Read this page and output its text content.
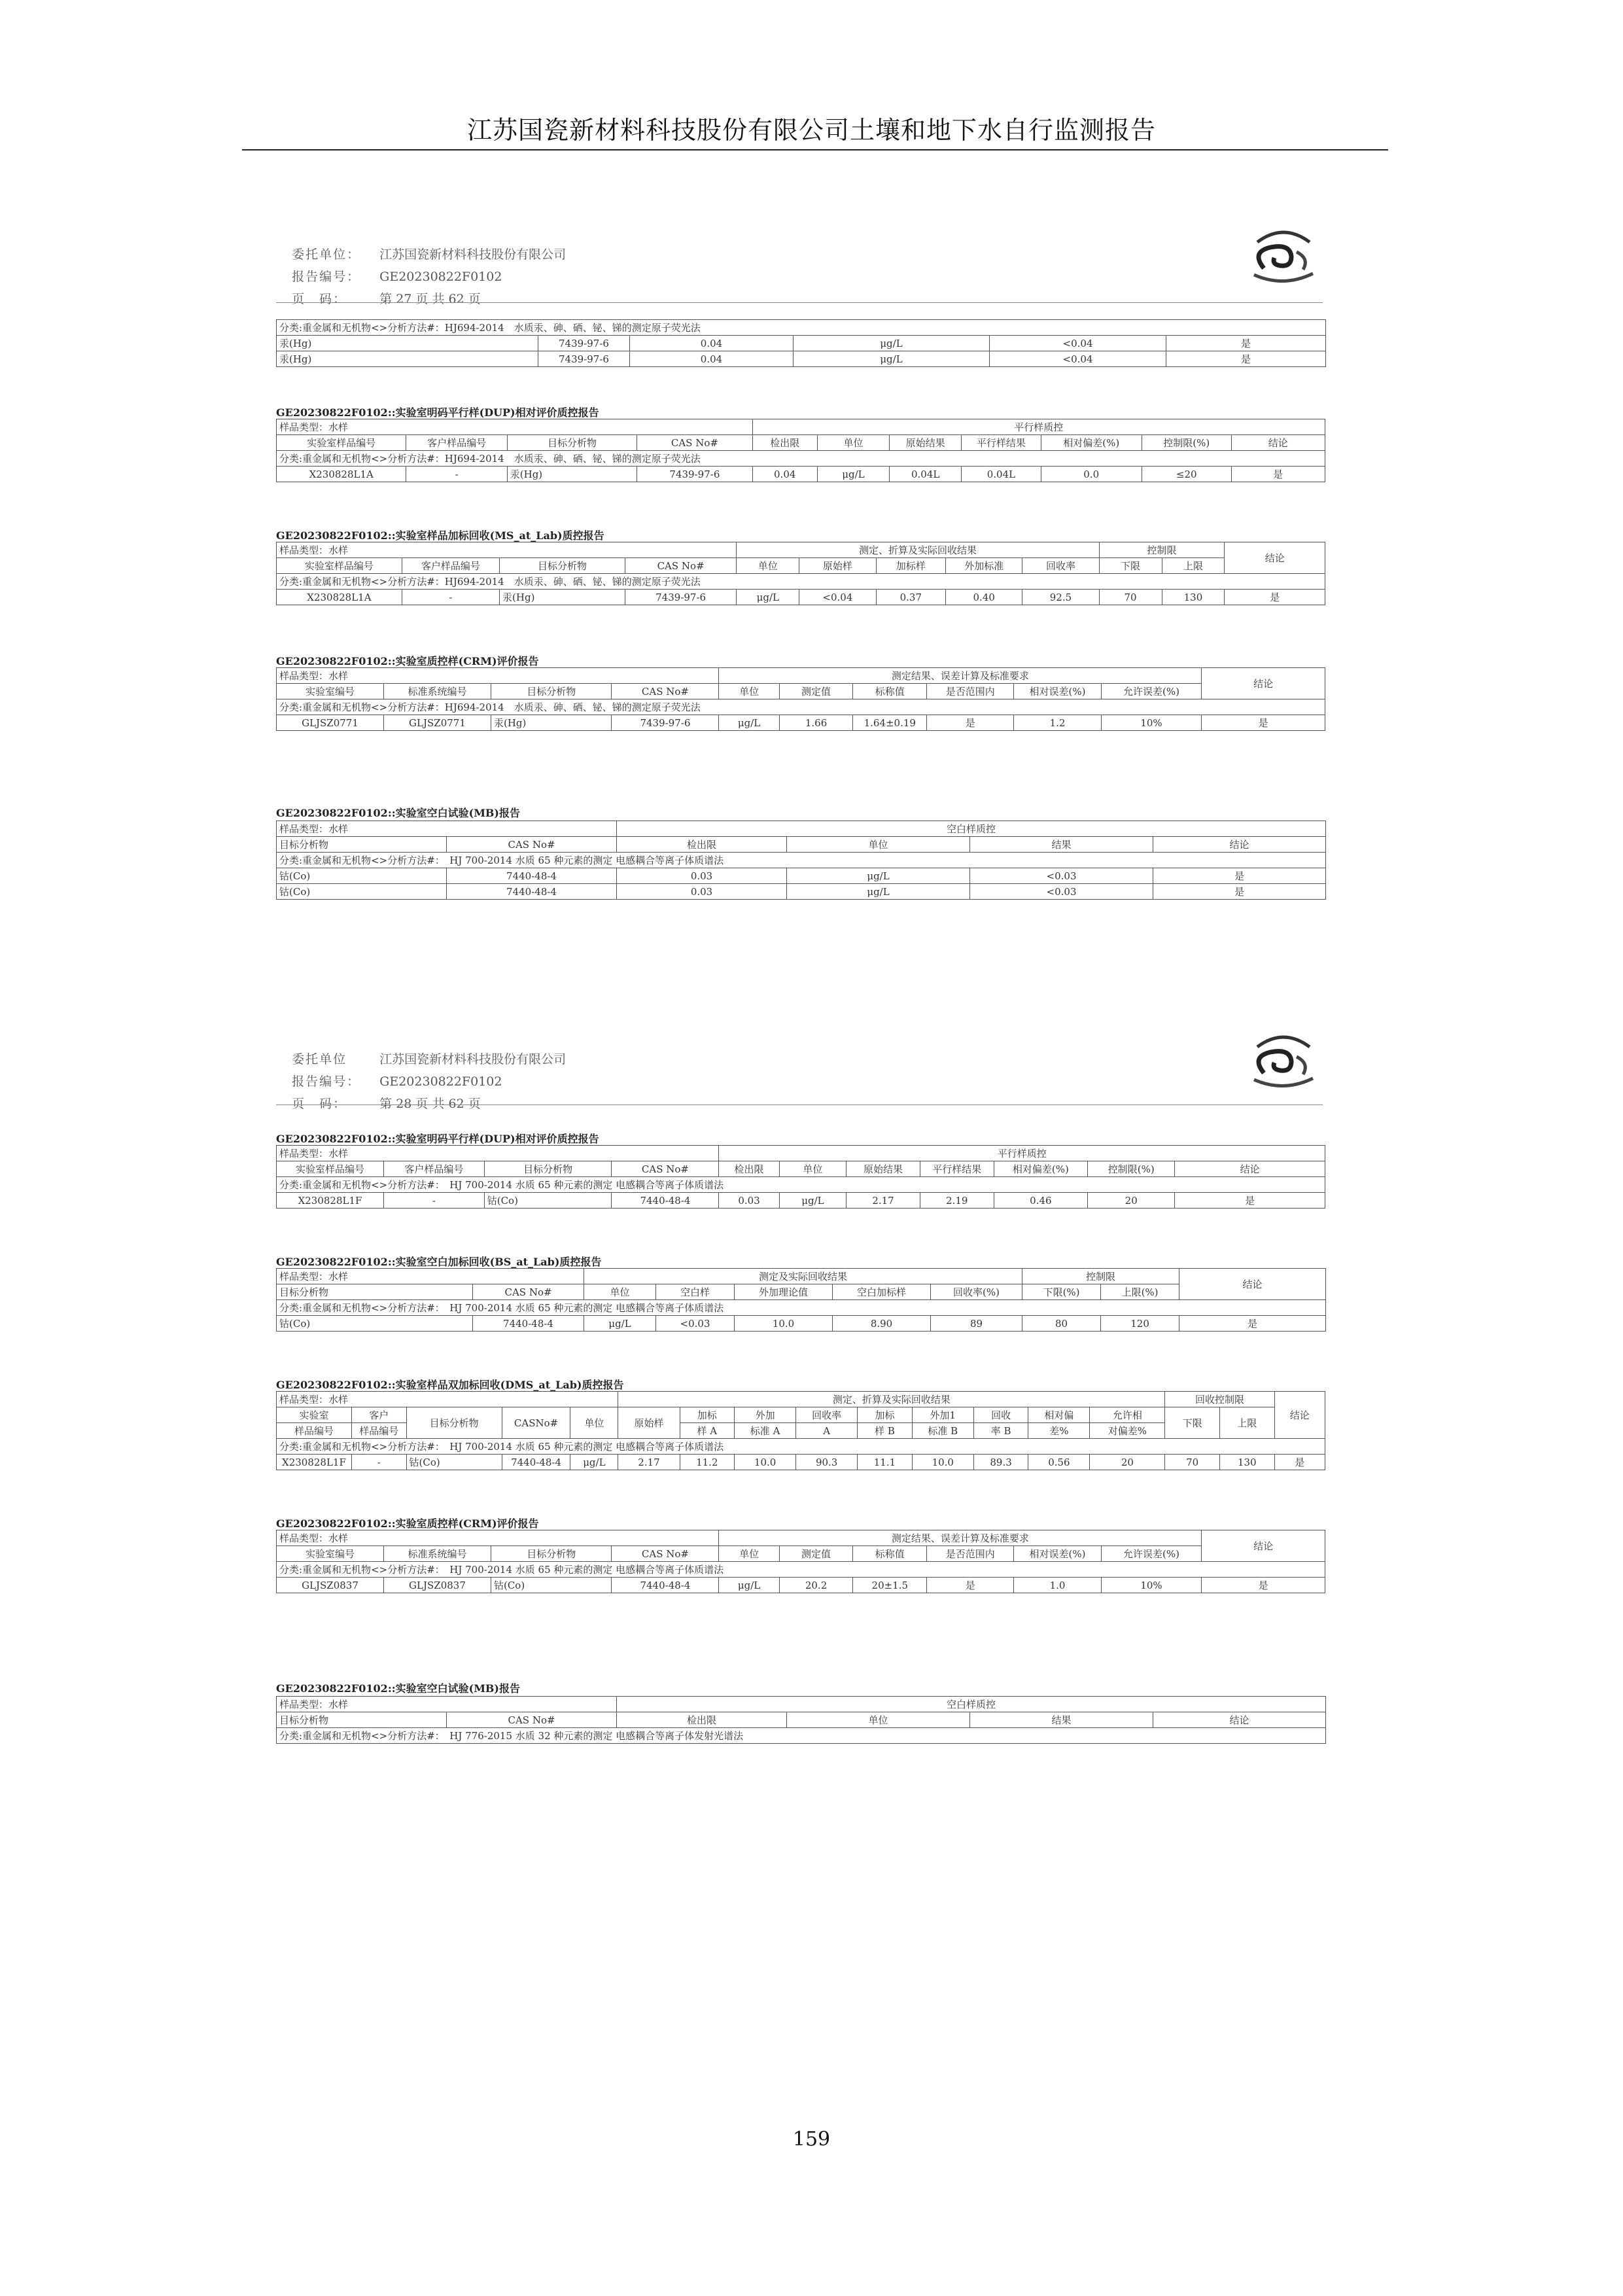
江苏国瓷新材料科技股份有限公司土壤和地下水自行监测报告

委托单位： 江苏国瓷新材料科技股份有限公司

报告编号： GE20230822F0102

页　码：	第 27 页 共 62 页

分类:重金属和无机物<>分析方法#：HJ694-2014　水质汞、砷、硒、铋、锑的测定原子荧光法					
汞(Hg)	7439-97-6	0.04	μg/L	<0.04	是
汞(Hg)	7439-97-6	0.04	μg/L	<0.04	是
GE20230822F0102::实验室明码平行样(DUP)相对评价质控报告
样品类型：水样				平行样质控						
实验室样品编号	客户样品编号	目标分析物	CAS No#	检出限	单位	原始结果	平行样结果	相对偏差(%)	控制限(%)	结论
分类:重金属和无机物<>分析方法#：HJ694-2014　水质汞、砷、硒、铋、锑的测定原子荧光法										
X230828L1A	-	汞(Hg)	7439-97-6	0.04	μg/L	0.04L	0.04L	0.0	≤20	是
GE20230822F0102::实验室样品加标回收(MS_at_Lab)质控报告
样品类型：水样				测定、折算及实际回收结果					控制限		结论
实验室样品编号	客户样品编号	目标分析物	CAS No#	单位	原始样	加标样	外加标准	回收率	下限	上限	
分类:重金属和无机物<>分析方法#：HJ694-2014　水质汞、砷、硒、铋、锑的测定原子荧光法											
X230828L1A	-	汞(Hg)	7439-97-6	μg/L	<0.04	0.37	0.40	92.5	70	130	是
GE20230822F0102::实验室质控样(CRM)评价报告
样品类型：水样				测定结果、误差计算及标准要求						结论
实验室编号	标准系统编号	目标分析物	CAS No#	单位	测定值	标称值	是否范围内	相对误差(%)	允许误差(%)	
分类:重金属和无机物<>分析方法#：HJ694-2014　水质汞、砷、硒、铋、锑的测定原子荧光法										
GLJSZ0771	GLJSZ0771	汞(Hg)	7439-97-6	μg/L	1.66	1.64±0.19	是	1.2	10%	是
GE20230822F0102::实验室空白试验(MB)报告
样品类型：水样		空白样质控			
目标分析物	CAS No#	检出限	单位	结果	结论
分类:重金属和无机物<>分析方法#：　HJ 700-2014 水质 65 种元素的测定 电感耦合等离子体质谱法					
钴(Co)	7440-48-4	0.03	μg/L	<0.03	是
钴(Co)	7440-48-4	0.03	μg/L	<0.03	是

委托单位	江苏国瓷新材料科技股份有限公司

报告编号： GE20230822F0102

页　码：	第 28 页 共 62 页

GE20230822F0102::实验室明码平行样(DUP)相对评价质控报告
样品类型：水样				平行样质控						
实验室样品编号	客户样品编号	目标分析物	CAS No#	检出限	单位	原始结果	平行样结果	相对偏差(%)	控制限(%)	结论
分类:重金属和无机物<>分析方法#：　HJ 700-2014 水质 65 种元素的测定 电感耦合等离子体质谱法										
X230828L1F	-	钴(Co)	7440-48-4	0.03	μg/L	2.17	2.19	0.46	20	是
GE20230822F0102::实验室空白加标回收(BS_at_Lab)质控报告
样品类型：水样		测定及实际回收结果					控制限		结论
目标分析物	CAS No#	单位	空白样	外加理论值	空白加标样	回收率(%)	下限(%)	上限(%)	
分类:重金属和无机物<>分析方法#：　HJ 700-2014 水质 65 种元素的测定 电感耦合等离子体质谱法									
钴(Co)	7440-48-4	μg/L	<0.03	10.0	8.90	89	80	120	是
GE20230822F0102::实验室样品双加标回收(DMS_at_Lab)质控报告
样品类型：水样					测定、折算及实际回收结果									回收控制限		结论
实验室	客户	目标分析物	CASNo#	单位	原始样	加标	外加	回收率	加标	外加1	回收	相对偏	允许相	下限	上限	
样品编号	样品编号					样 A	标准 A	A	样 B	标准 B	率 B	差%	对偏差%			
分类:重金属和无机物<>分析方法#：　HJ 700-2014 水质 65 种元素的测定 电感耦合等离子体质谱法																
X230828L1F	-	钴(Co)	7440-48-4	μg/L	2.17	11.2	10.0	90.3	11.1	10.0	89.3	0.56	20	70	130	是
GE20230822F0102::实验室质控样(CRM)评价报告
样品类型：水样				测定结果、误差计算及标准要求						结论
实验室编号	标准系统编号	目标分析物	CAS No#	单位	测定值	标称值	是否范围内	相对误差(%)	允许误差(%)	
分类:重金属和无机物<>分析方法#：　HJ 700-2014 水质 65 种元素的测定 电感耦合等离子体质谱法										
GLJSZ0837	GLJSZ0837	钴(Co)	7440-48-4	μg/L	20.2	20±1.5	是	1.0	10%	是
GE20230822F0102::实验室空白试验(MB)报告
样品类型：水样		空白样质控			
目标分析物	CAS No#	检出限	单位	结果	结论
分类:重金属和无机物<>分析方法#：　HJ 776-2015 水质 32 种元素的测定 电感耦合等离子体发射光谱法					
159
